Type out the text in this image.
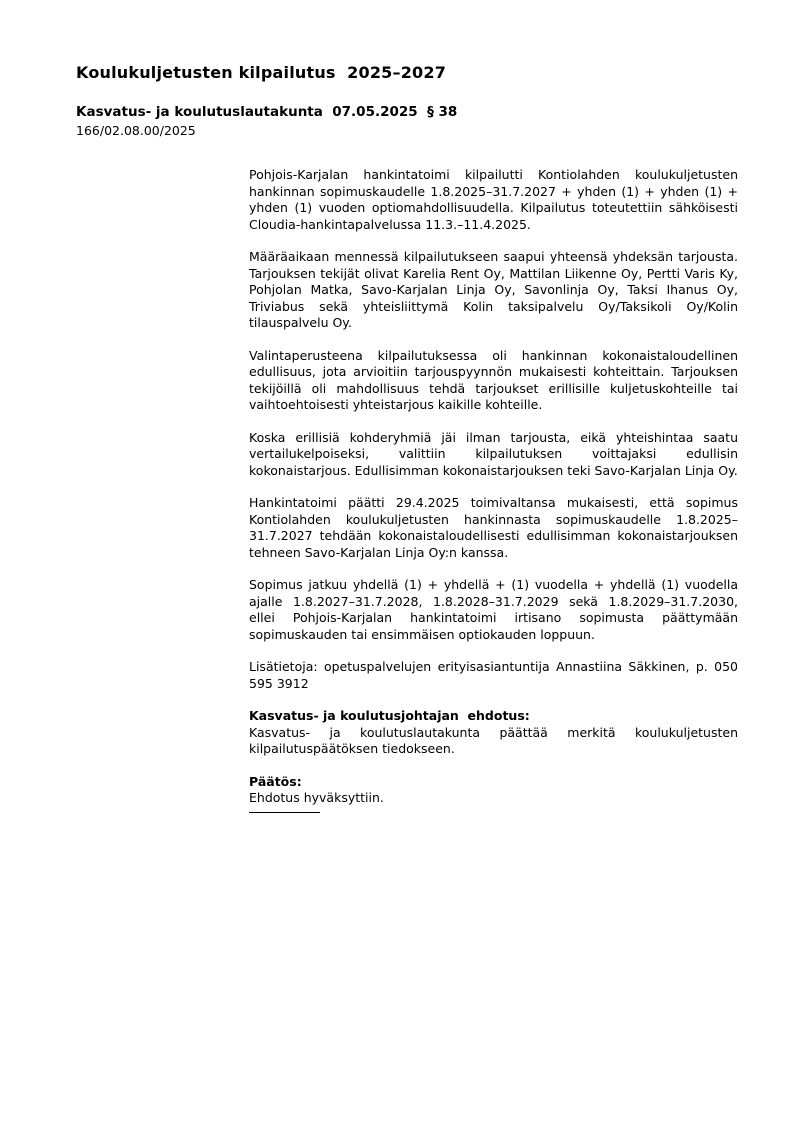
Koulukuljetusten kilpailutus  2025–2027
Kasvatus- ja koulutuslautakunta  07.05.2025  § 38
166/02.08.00/2025

Pohjois-Karjalan hankintatoimi kilpailutti Kontiolahden koulukuljetusten hankinnan sopimuskaudelle 1.8.2025–31.7.2027 + yhden (1) + yhden (1) + yhden (1) vuoden optiomahdollisuudella. Kilpailutus toteutettiin sähköisesti Cloudia-hankintapalvelussa 11.3.–11.4.2025.

Määräaikaan mennessä kilpailutukseen saapui yhteensä yhdeksän tarjousta. Tarjouksen tekijät olivat Karelia Rent Oy, Mattilan Liikenne Oy, Pertti Varis Ky, Pohjolan Matka, Savo-Karjalan Linja Oy, Savonlinja Oy, Taksi Ihanus Oy, Triviabus sekä yhteisliittymä Kolin taksipalvelu Oy/Taksikoli Oy/Kolin tilauspalvelu Oy.

Valintaperusteena kilpailutuksessa oli hankinnan kokonaistaloudellinen edullisuus, jota arvioitiin tarjouspyynnön mukaisesti kohteittain. Tarjouksen tekijöillä oli mahdollisuus tehdä tarjoukset erillisille kuljetuskohteille tai vaihtoehtoisesti yhteistarjous kaikille kohteille.

Koska erillisiä kohderyhmiä jäi ilman tarjousta, eikä yhteishintaa saatu vertailukelpoiseksi, valittiin kilpailutuksen voittajaksi edullisin kokonaistarjous. Edullisimman kokonaistarjouksen teki Savo-Karjalan Linja Oy.

Hankintatoimi päätti 29.4.2025 toimivaltansa mukaisesti, että sopimus Kontiolahden koulukuljetusten hankinnasta sopimuskaudelle 1.8.2025–31.7.2027 tehdään kokonaistaloudellisesti edullisimman kokonaistarjouksen tehneen Savo-Karjalan Linja Oy:n kanssa.

Sopimus jatkuu yhdellä (1) + yhdellä + (1) vuodella + yhdellä (1) vuodella ajalle 1.8.2027–31.7.2028, 1.8.2028–31.7.2029 sekä 1.8.2029–31.7.2030, ellei Pohjois-Karjalan hankintatoimi irtisano sopimusta päättymään sopimuskauden tai ensimmäisen optiokauden loppuun.

Lisätietoja: opetuspalvelujen erityisasiantuntija Annastiina Säkkinen, p. 050 595 3912

Kasvatus- ja koulutusjohtajan  ehdotus:

Kasvatus- ja koulutuslautakunta päättää merkitä koulukuljetusten kilpailutuspäätöksen tiedokseen.

Päätös:

Ehdotus hyväksyttiin.
